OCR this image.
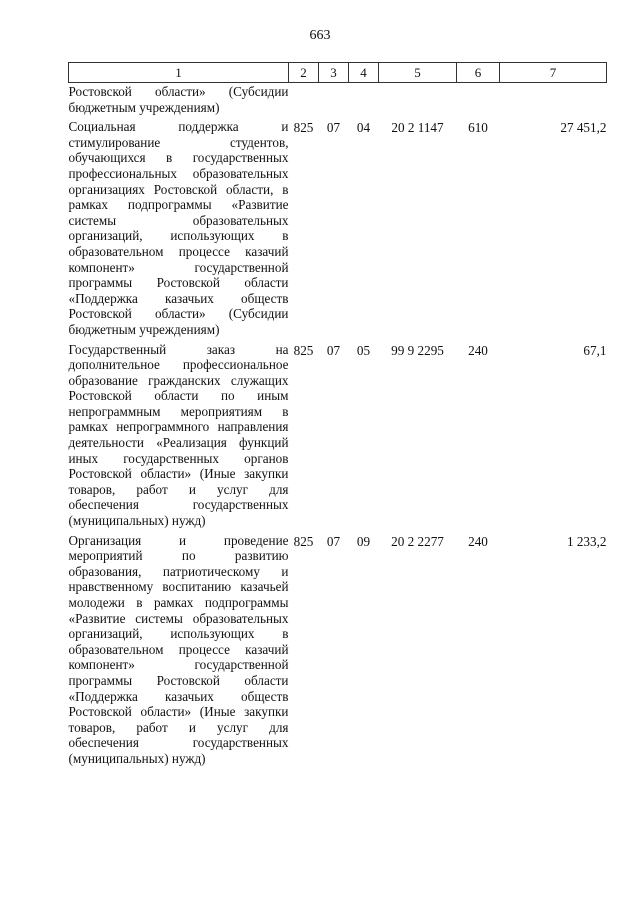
663
1	2	3	4	5	6	7
Ростовской области» (Субсидии бюджетным учреждениям)						
Социальная поддержка и стимулирование студентов, обучающихся в государственных профессиональных образовательных организациях Ростовской области, в рамках подпрограммы «Развитие системы образовательных организаций, использующих в образовательном процессе казачий компонент» государственной программы Ростовской области «Поддержка казачьих обществ Ростовской области» (Субсидии бюджетным учреждениям)	825	07	04	20 2 1147	610	27 451,2
Государственный заказ на дополнительное профессиональное образование гражданских служащих Ростовской области по иным непрограммным мероприятиям в рамках непрограммного направления деятельности «Реализация функций иных государственных органов Ростовской области» (Иные закупки товаров, работ и услуг для обеспечения государственных (муниципальных) нужд)	825	07	05	99 9 2295	240	67,1
Организация и проведение мероприятий по развитию образования, патриотическому и нравственному воспитанию казачьей молодежи в рамках подпрограммы «Развитие системы образовательных организаций, использующих в образовательном процессе казачий компонент» государственной программы Ростовской области «Поддержка казачьих обществ Ростовской области» (Иные закупки товаров, работ и услуг для обеспечения государственных (муниципальных) нужд)	825	07	09	20 2 2277	240	1 233,2
